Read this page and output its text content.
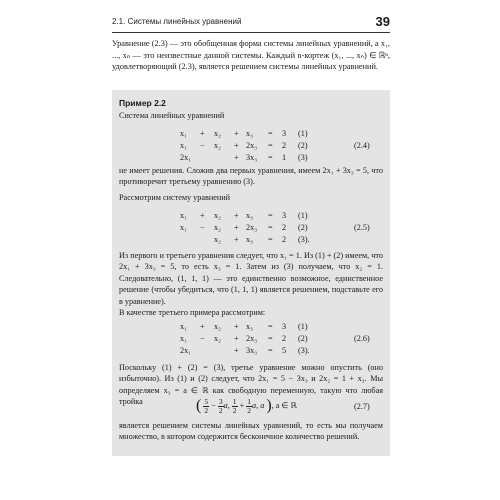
2.1. Системы линейных уравнений	39
Уравнение (2.3) — это обобщенная форма системы линейных уравнений, а x₁, ..., xₙ — это неизвестные данной системы. Каждый n-кортеж (x₁, ..., xₙ) ∈ ℝⁿ, удовлетворяющий (2.3), является решением системы линейных уравнений.
Пример 2.2
Система линейных уравнений
x₁ + x₂ + x₃ = 3 (1)
x₁ − x₂ + 2x₃ = 2 (2)
2x₁	+ 3x₃ = 1 (3)
(2.4)
не имеет решения. Сложив два первых уравнения, имеем 2x₁ + 3x₃ = 5, что противоречит третьему уравнению (3).
Рассмотрим систему уравнений
x₁ + x₂ + x₃ = 3 (1)
x₁ − x₂ + 2x₃ = 2 (2)
x₂ + x₃ = 2 (3).
(2.5)
Из первого и третьего уравнения следует, что x₁ = 1. Из (1) + (2) имеем, что 2x₁ + 3x₃ = 5, то есть x₃ = 1. Затем из (3) получаем, что x₂ = 1. Следовательно, (1, 1, 1) — это единственно возможное, единственное решение (чтобы убедиться, что (1, 1, 1) является решением, подставьте его в уравнение).
В качестве третьего примера рассмотрим:
x₁ + x₂ + x₃ = 3 (1)
x₁ − x₂ + 2x₃ = 2 (2)
2x₁	+ 3x₃ = 5 (3).
(2.6)
Поскольку (1) + (2) = (3), третье уравнение можно опустить (оно избыточно). Из (1) и (2) следует, что 2x₁ = 5 − 3x₃ и 2x₂ = 1 + x₃. Мы определяем x₃ = a ∈ ℝ как свободную переменную, такую что любая тройка	( $\frac{5}{2} - \frac{3}{2} a$, $\frac{1}{2} + \frac{1}{2} a$, a ), a ∈ ℝ	(2.7)
является решением системы линейных уравнений, то есть мы получаем множество, в котором содержится бесконечное количество решений.
